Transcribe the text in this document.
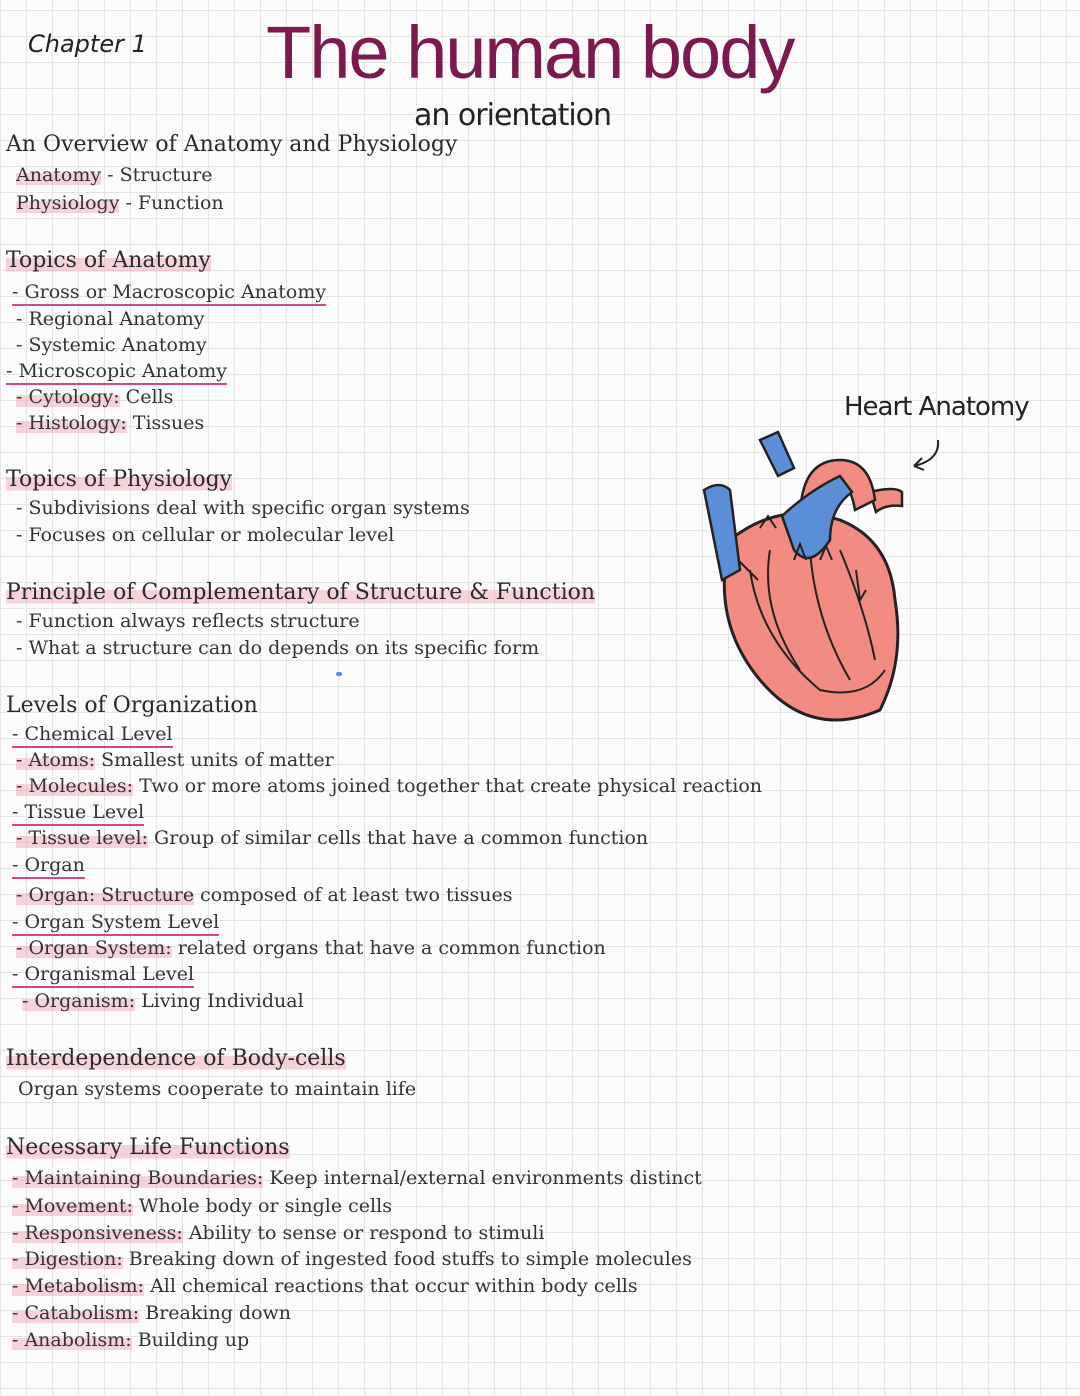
Chapter 1 The human body
an orientation
An Overview of Anatomy and Physiology
Anatomy - Structure
Physiology - Function
Topics of Anatomy
- Gross or Macroscopic Anatomy
- Regional Anatomy
- Systemic Anatomy
- Microscopic Anatomy
- Cytology: Cells
- Histology: Tissues
Topics of Physiology
- Subdivisions deal with specific organ systems
- Focuses on cellular or molecular level
Principle of Complementary of Structure & Function
- Function always reflects structure
- What a structure can do depends on its specific form
Levels of Organization
- Chemical Level
- Atoms: Smallest units of matter
- Molecules: Two or more atoms joined together that create physical reaction
- Tissue Level
- Tissue level: Group of similar cells that have a common function
- Organ
- Organ: Structure composed of at least two tissues
- Organ System Level
- Organ System: related organs that have a common function
- Organismal Level
- Organism: Living Individual
Interdependence of Body-cells
Organ systems cooperate to maintain life
Necessary Life Functions
- Maintaining Boundaries: Keep internal/external environments distinct
- Movement: Whole body or single cells
- Responsiveness: Ability to sense or respond to stimuli
- Digestion: Breaking down of ingested food stuffs to simple molecules
- Metabolism: All chemical reactions that occur within body cells
- Catabolism: Breaking down
- Anabolism: Building up
Heart Anatomy
